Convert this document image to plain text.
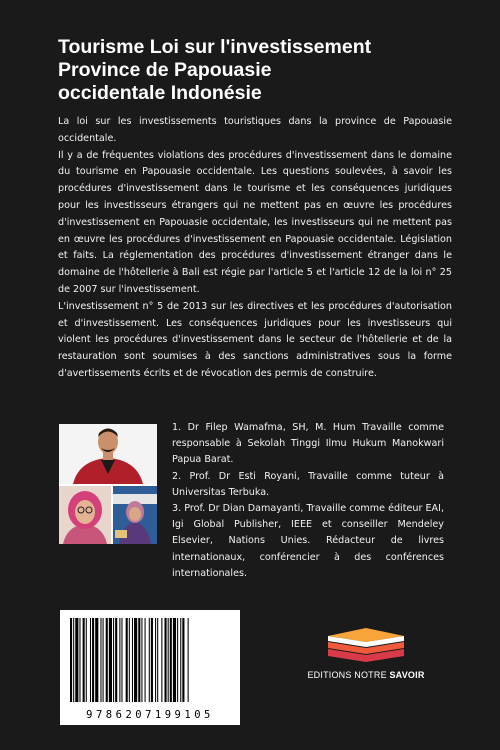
Tourisme Loi sur l'investissement
Province de Papouasie
occidentale Indonésie

La loi sur les investissements touristiques dans la province de Papouasie occidentale.

Il y a de fréquentes violations des procédures d'investissement dans le domaine du tourisme en Papouasie occidentale. Les questions soulevées, à savoir les procédures d'investissement dans le tourisme et les conséquences juridiques pour les investisseurs étrangers qui ne mettent pas en œuvre les procédures d'investissement en Papouasie occidentale, les investisseurs qui ne mettent pas en œuvre les procédures d'investissement en Papouasie occidentale. Législation et faits. La réglementation des procédures d'investissement étranger dans le domaine de l'hôtellerie à Bali est régie par l'article 5 et l'article 12 de la loi n° 25 de 2007 sur l'investissement.

L'investissement n° 5 de 2013 sur les directives et les procédures d'autorisation et d'investissement. Les conséquences juridiques pour les investisseurs qui violent les procédures d'investissement dans le secteur de l'hôtellerie et de la restauration sont soumises à des sanctions administratives sous la forme d'avertissements écrits et de révocation des permis de construire.

1. Dr Filep Wamafma, SH, M. Hum Travaille comme responsable à Sekolah Tinggi Ilmu Hukum Manokwari Papua Barat.

2. Prof. Dr Esti Royani, Travaille comme tuteur à Universitas Terbuka.

3. Prof. Dr Dian Damayanti, Travaille comme éditeur EAI, Igi Global Publisher, IEEE et conseiller Mendeley Elsevier, Nations Unies. Rédacteur de livres internationaux, conférencier à des conférences internationales.

9786207199105
EDITIONS NOTRE SAVOIR
